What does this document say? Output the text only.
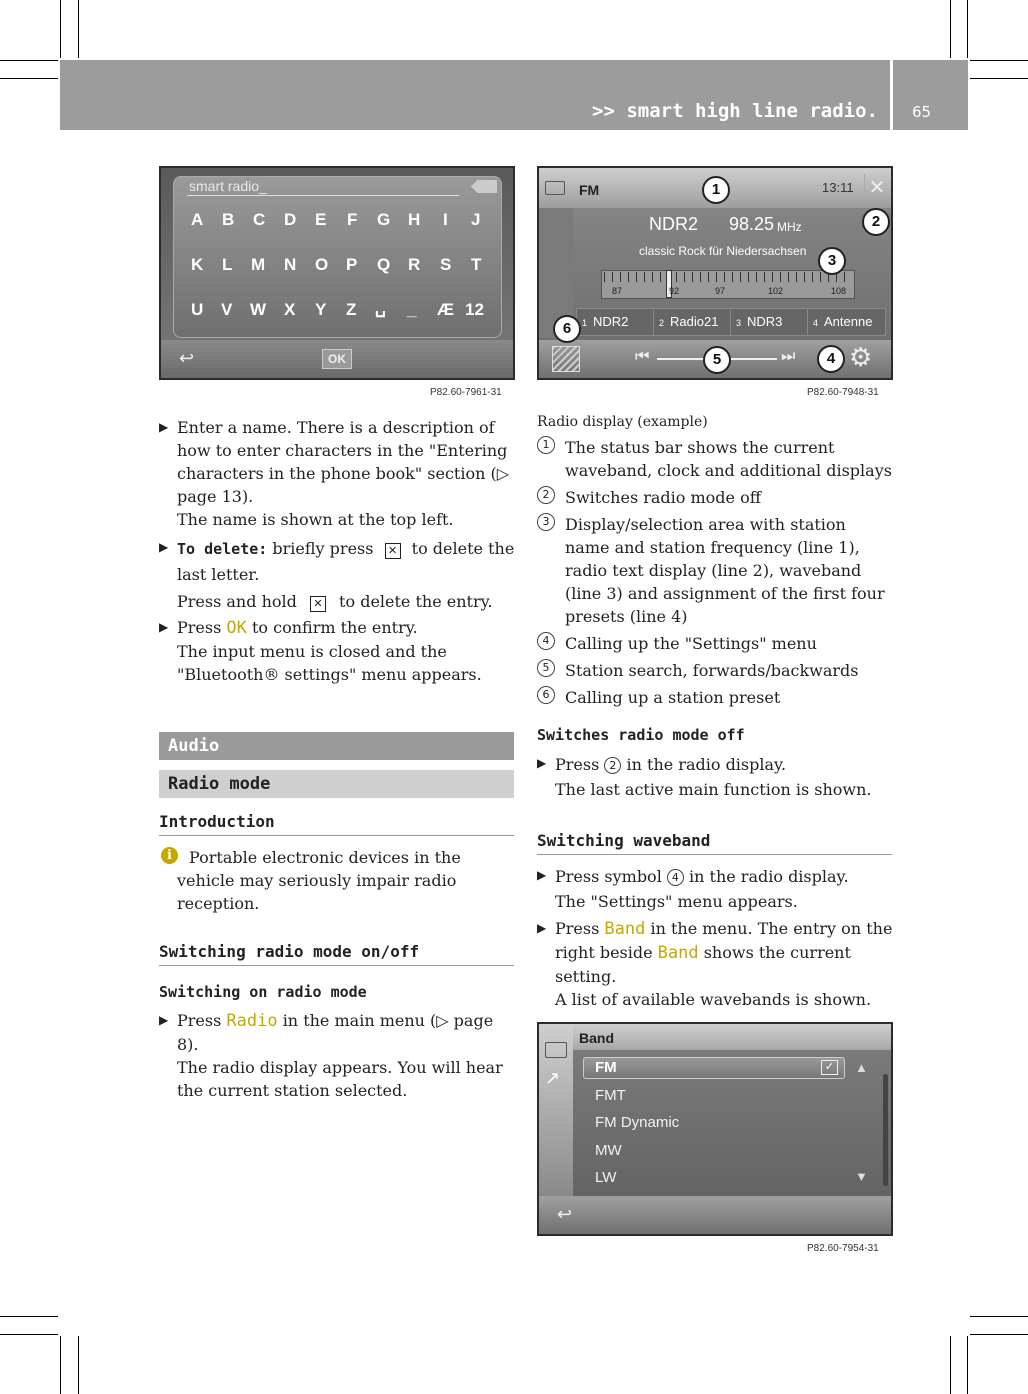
>> smart high line radio. 65
smart radio_
A B C D E F G H I J
K L M N O P Q R S T
U V W X Y Z ␣ _ Æ 12
↩	OK
P82.60-7961-31
FM	13:11 ✕
NDR2 98.25 MHz
classic Rock für Niedersachsen
87	92	97	102	108
1 NDR2	2 Radio21	3 NDR3	4 Antenne
⏮	⏭ ⚙
1
2
3
4
5
6
P82.60-7948-31
▶ Enter a name. There is a description of how to enter characters in the "Entering characters in the phone book" section (▷ page 13).
The name is shown at the top left.
▶ To delete: briefly press ✕ to delete the last letter.
Press and hold ✕ to delete the entry.
▶ Press OK to confirm the entry.
The input menu is closed and the "Bluetooth® settings" menu appears.
Audio
Radio mode
Introduction
i	Portable electronic devices in the vehicle may seriously impair radio reception.
Switching radio mode on/off
Switching on radio mode
▶ Press Radio in the main menu (▷ page 8).
The radio display appears. You will hear the current station selected.
Radio display (example)
1 The status bar shows the current waveband, clock and additional displays
2 Switches radio mode off
3 Display/selection area with station name and station frequency (line 1), radio text display (line 2), waveband (line 3) and assignment of the first four presets (line 4)
4 Calling up the "Settings" menu
5 Station search, forwards/backwards
6 Calling up a station preset
Switches radio mode off
▶ Press 2 in the radio display.
The last active main function is shown.
Switching waveband
▶ Press symbol 4 in the radio display.
The "Settings" menu appears.
▶ Press Band in the menu. The entry on the right beside Band shows the current setting.
A list of available wavebands is shown.
Band
↗
FM	✓
FMT
FM Dynamic
MW
LW
▲
▼
↩
P82.60-7954-31
